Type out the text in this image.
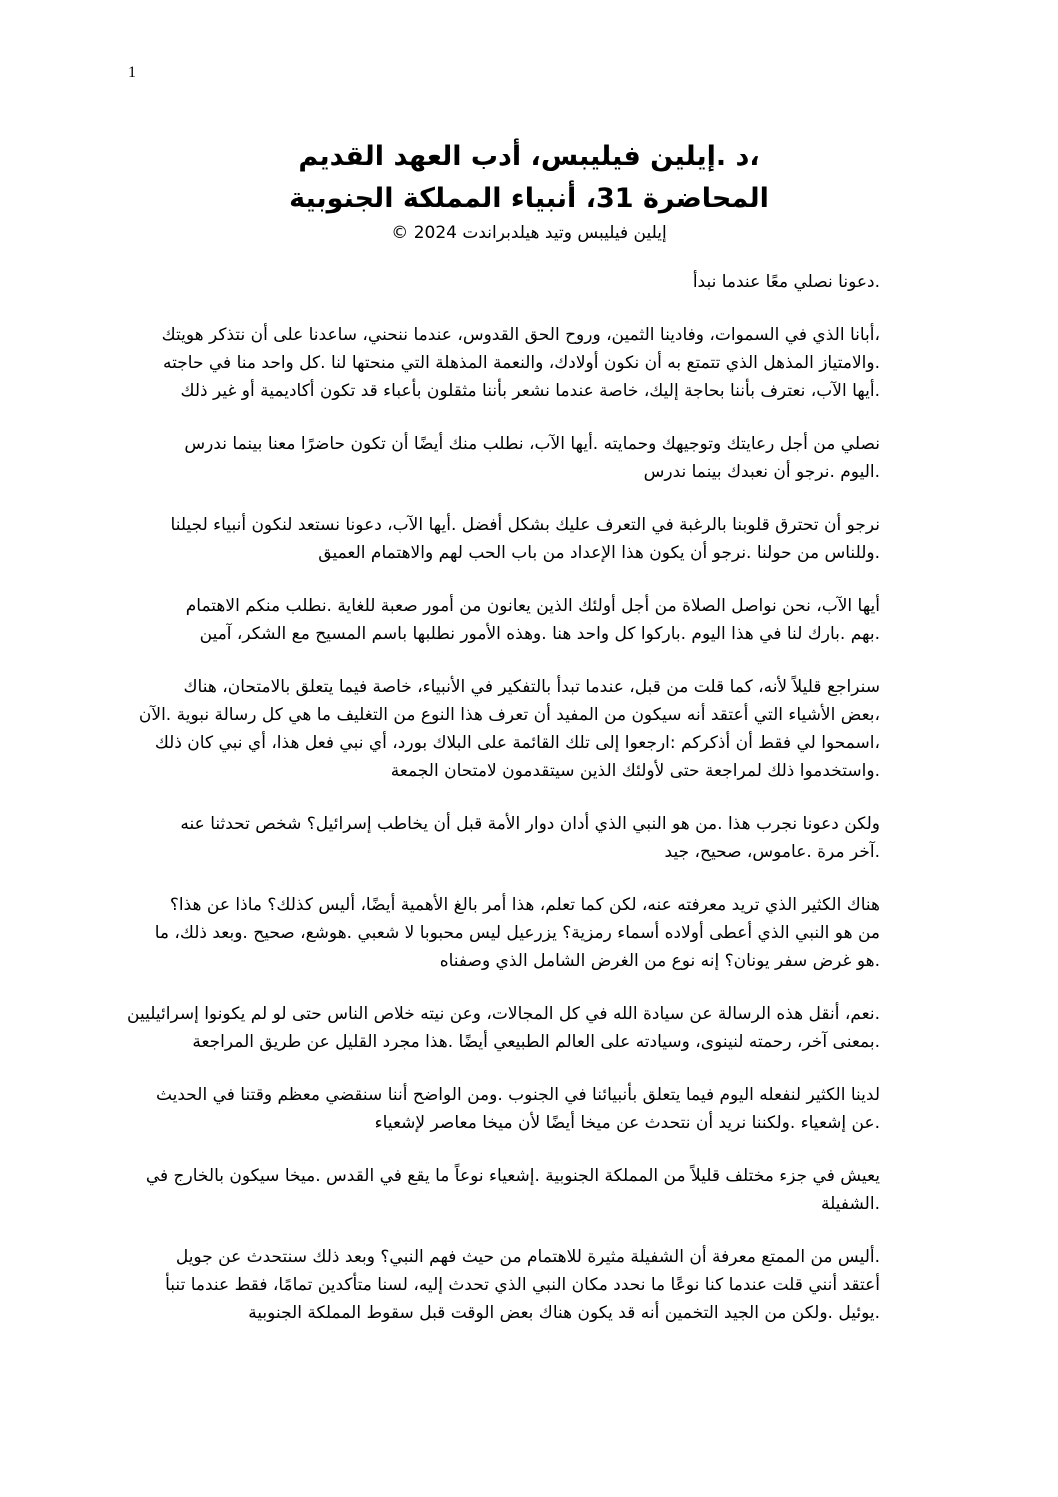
1
،د .إيلين فيليبس، أدب العهد القديم
المحاضرة 31، أنبياء المملكة الجنوبية

إيلين فيليبس وتيد هيلدبراندت 2024 ©

.دعونا نصلي معًا عندما نبدأ

،أبانا الذي في السموات، وفادينا الثمين، وروح الحق القدوس، عندما ننحني، ساعدنا على أن نتذكر هويتك
.والامتياز المذهل الذي تتمتع به أن نكون أولادك، والنعمة المذهلة التي منحتها لنا .كل واحد منا في حاجته
.أيها الآب، نعترف بأننا بحاجة إليك، خاصة عندما نشعر بأننا مثقلون بأعباء قد تكون أكاديمية أو غير ذلك

نصلي من أجل رعايتك وتوجيهك وحمايته .أيها الآب، نطلب منك أيضًا أن تكون حاضرًا معنا بينما ندرس
.اليوم .نرجو أن نعبدك بينما ندرس

نرجو أن تحترق قلوبنا بالرغبة في التعرف عليك بشكل أفضل .أيها الآب، دعونا نستعد لنكون أنبياء لجيلنا
.وللناس من حولنا .نرجو أن يكون هذا الإعداد من باب الحب لهم والاهتمام العميق

أيها الآب، نحن نواصل الصلاة من أجل أولئك الذين يعانون من أمور صعبة للغاية .نطلب منكم الاهتمام
.بهم .بارك لنا في هذا اليوم .باركوا كل واحد هنا .وهذه الأمور نطلبها باسم المسيح مع الشكر، آمين

سنراجع قليلاً لأنه، كما قلت من قبل، عندما تبدأ بالتفكير في الأنبياء، خاصة فيما يتعلق بالامتحان، هناك
،بعض الأشياء التي أعتقد أنه سيكون من المفيد أن تعرف هذا النوع من التغليف ما هي كل رسالة نبوية .الآن
،اسمحوا لي فقط أن أذكركم :ارجعوا إلى تلك القائمة على البلاك بورد، أي نبي فعل هذا، أي نبي كان ذلك
.واستخدموا ذلك لمراجعة حتى لأولئك الذين سيتقدمون لامتحان الجمعة

ولكن دعونا نجرب هذا .من هو النبي الذي أدان دوار الأمة قبل أن يخاطب إسرائيل؟ شخص تحدثنا عنه
.آخر مرة .عاموس، صحيح، جيد

هناك الكثير الذي تريد معرفته عنه، لكن كما تعلم، هذا أمر بالغ الأهمية أيضًا، أليس كذلك؟ ماذا عن هذا؟
من هو النبي الذي أعطى أولاده أسماء رمزية؟ يزرعيل ليس محبوبا لا شعبي .هوشع، صحيح .وبعد ذلك، ما
.هو غرض سفر يونان؟ إنه نوع من الغرض الشامل الذي وصفناه

.نعم، أنقل هذه الرسالة عن سيادة الله في كل المجالات، وعن نيته خلاص الناس حتى لو لم يكونوا إسرائيليين
.بمعنى آخر، رحمته لنينوى، وسيادته على العالم الطبيعي أيضًا .هذا مجرد القليل عن طريق المراجعة

لدينا الكثير لنفعله اليوم فيما يتعلق بأنبيائنا في الجنوب .ومن الواضح أننا سنقضي معظم وقتنا في الحديث
.عن إشعياء .ولكننا نريد أن نتحدث عن ميخا أيضًا لأن ميخا معاصر لإشعياء

يعيش في جزء مختلف قليلاً من المملكة الجنوبية .إشعياء نوعاً ما يقع في القدس .ميخا سيكون بالخارج في
.الشفيلة

.أليس من الممتع معرفة أن الشفيلة مثيرة للاهتمام من حيث فهم النبي؟ وبعد ذلك سنتحدث عن جويل
أعتقد أنني قلت عندما كنا نوعًا ما نحدد مكان النبي الذي تحدث إليه، لسنا متأكدين تمامًا، فقط عندما تنبأ
.يوئيل .ولكن من الجيد التخمين أنه قد يكون هناك بعض الوقت قبل سقوط المملكة الجنوبية
